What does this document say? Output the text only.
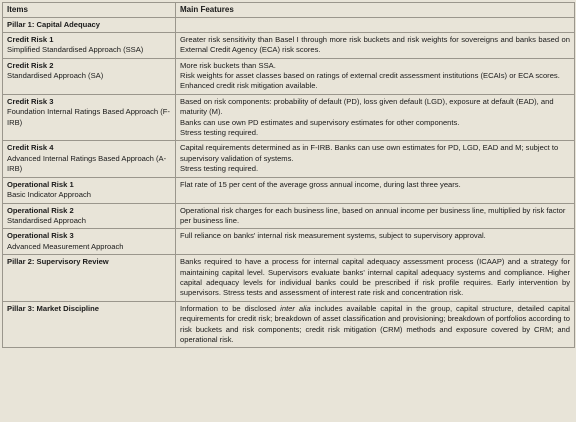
Items	Main Features

Pillar 1: Capital Adequacy	

Credit Risk 1
Simplified Standardised Approach (SSA)	Greater risk sensitivity than Basel I through more risk buckets and risk weights for sovereigns and banks based on External Credit Agency (ECA) risk scores.

Credit Risk 2
Standardised Approach (SA)	More risk buckets than SSA.
Risk weights for asset classes based on ratings of external credit assessment institutions (ECAIs) or ECA scores.
Enhanced credit risk mitigation available.

Credit Risk 3
Foundation Internal Ratings Based Approach (F-IRB)	Based on risk components: probability of default (PD), loss given default (LGD), exposure at default (EAD), and maturity (M).
Banks can use own PD estimates and supervisory estimates for other components.
Stress testing required.

Credit Risk 4
Advanced Internal Ratings Based Approach (A-IRB)	Capital requirements determined as in F-IRB. Banks can use own estimates for PD, LGD, EAD and M; subject to supervisory validation of systems.
Stress testing required.

Operational Risk 1
Basic Indicator Approach	Flat rate of 15 per cent of the average gross annual income, during last three years.

Operational Risk 2
Standardised Approach	Operational risk charges for each business line, based on annual income per business line, multiplied by risk factor per business line.

Operational Risk 3
Advanced Measurement Approach	Full reliance on banks' internal risk measurement systems, subject to supervisory approval.

Pillar 2: Supervisory Review	Banks required to have a process for internal capital adequacy assessment process (ICAAP) and a strategy for maintaining capital level. Supervisors evaluate banks' internal capital adequacy systems and compliance. Higher capital adequacy levels for individual banks could be prescribed if risk profile requires. Early intervention by supervisors. Stress tests and assessment of interest rate risk and concentration risk.

Pillar 3: Market Discipline	Information to be disclosed inter alia includes available capital in the group, capital structure, detailed capital requirements for credit risk; breakdown of asset classification and provisioning; breakdown of portfolios according to risk buckets and risk components; credit risk mitigation (CRM) methods and exposure covered by CRM; and operational risk.
